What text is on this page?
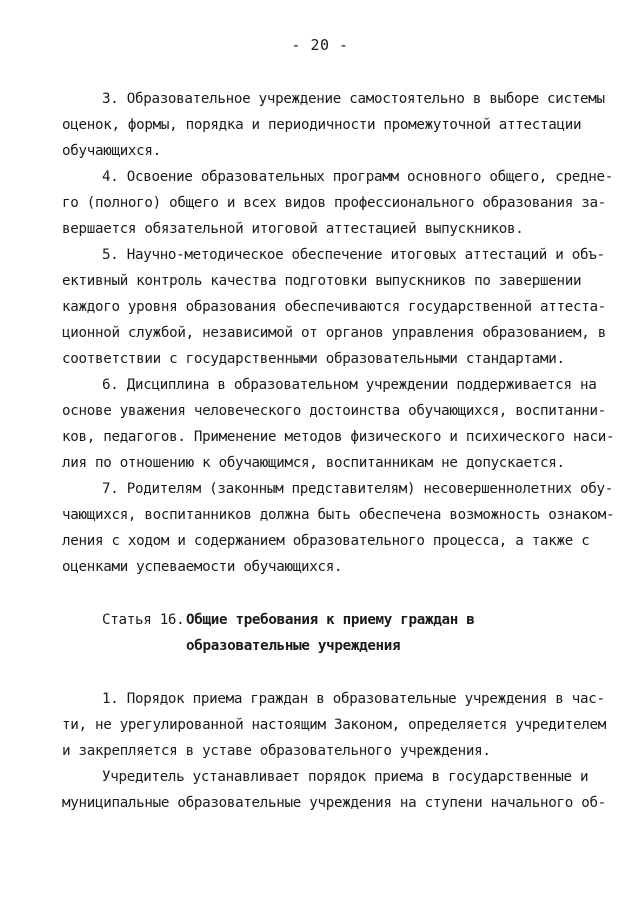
- 20 -
3. Образовательное учреждение самостоятельно в выборе системы
оценок, формы, порядка и периодичности промежуточной аттестации
обучающихся.
4. Освоение образовательных программ основного общего, средне-
го (полного) общего и всех видов профессионального образования за-
вершается обязательной итоговой аттестацией выпускников.
5. Научно-методическое обеспечение итоговых аттестаций и объ-
ективный контроль качества подготовки выпускников по завершении
каждого уровня образования обеспечиваются государственной аттеста-
ционной службой, независимой от органов управления образованием, в
соответствии с государственными образовательными стандартами.
6. Дисциплина в образовательном учреждении поддерживается на
основе уважения человеческого достоинства обучающихся, воспитанни-
ков, педагогов. Применение методов физического и психического наси-
лия по отношению к обучающимся, воспитанникам не допускается.
7. Родителям (законным представителям) несовершеннолетних обу-
чающихся, воспитанников должна быть обеспечена возможность ознаком-
ления с ходом и содержанием образовательного процесса, а также с
оценками успеваемости обучающихся.
Статья 16. Общие требования к приему граждан в
образовательные учреждения
1. Порядок приема граждан в образовательные учреждения в час-
ти, не урегулированной настоящим Законом, определяется учредителем
и закрепляется в уставе образовательного учреждения.
Учредитель устанавливает порядок приема в государственные и
муниципальные образовательные учреждения на ступени начального об-
